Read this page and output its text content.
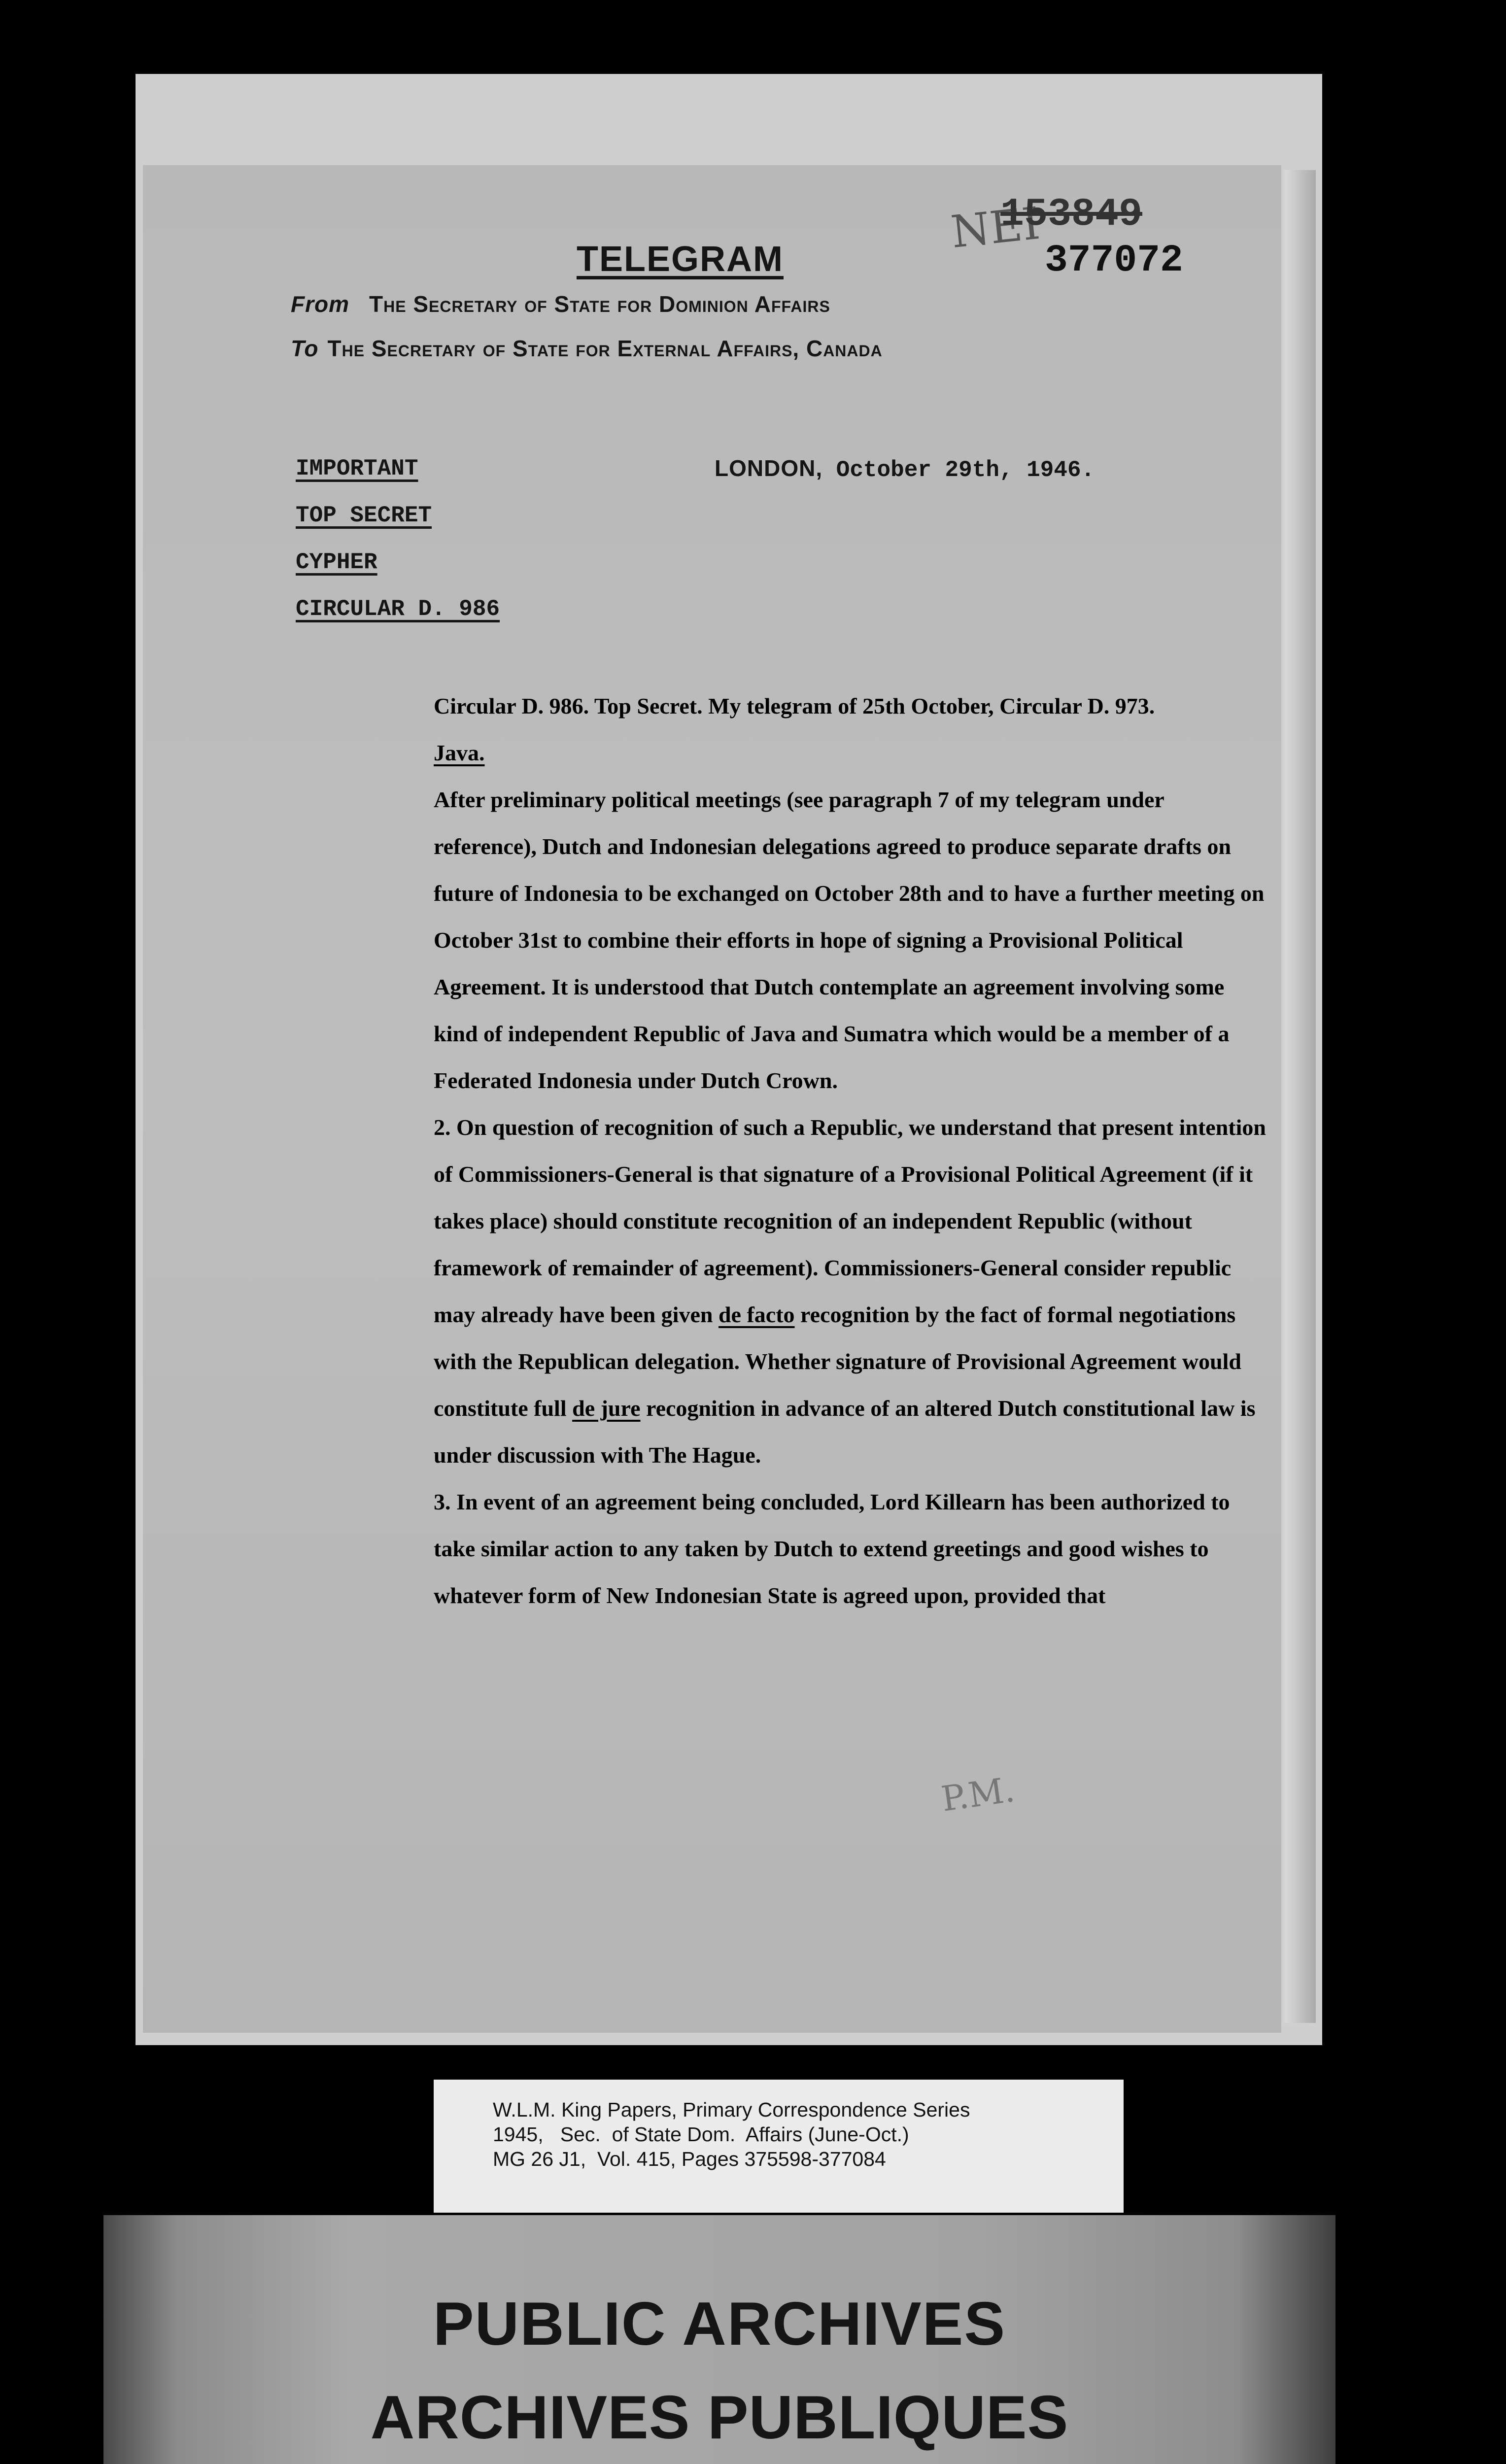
NEI
153849
377072
TELEGRAM
From The Secretary of State for Dominion Affairs
To The Secretary of State for External Affairs, Canada
IMPORTANT
TOP SECRET
CYPHER
CIRCULAR D. 986
LONDON, October 29th, 1946.

Circular D. 986. Top Secret. My telegram of 25th October, Circular D. 973.

Java.

After preliminary political meetings (see paragraph 7 of my telegram under reference), Dutch and Indonesian delegations agreed to produce separate drafts on future of Indonesia to be exchanged on October 28th and to have a further meeting on October 31st to combine their efforts in hope of signing a Provisional Political Agreement. It is understood that Dutch contemplate an agreement involving some kind of independent Republic of Java and Sumatra which would be a member of a Federated Indonesia under Dutch Crown.

2. On question of recognition of such a Republic, we understand that present intention of Commissioners-General is that signature of a Provisional Political Agreement (if it takes place) should constitute recognition of an independent Republic (without framework of remainder of agreement). Commissioners-General consider republic may already have been given de facto recognition by the fact of formal negotiations with the Republican delegation. Whether signature of Provisional Agreement would constitute full de jure recognition in advance of an altered Dutch constitutional law is under discussion with The Hague.

3. In event of an agreement being concluded, Lord Killearn has been authorized to take similar action to any taken by Dutch to extend greetings and good wishes to whatever form of New Indonesian State is agreed upon, provided that

P.M.
W.L.M. King Papers, Primary Correspondence Series
1945,   Sec.  of State Dom.  Affairs (June-Oct.)
MG 26 J1,  Vol. 415, Pages 375598-377084
PUBLIC ARCHIVES
ARCHIVES PUBLIQUES
